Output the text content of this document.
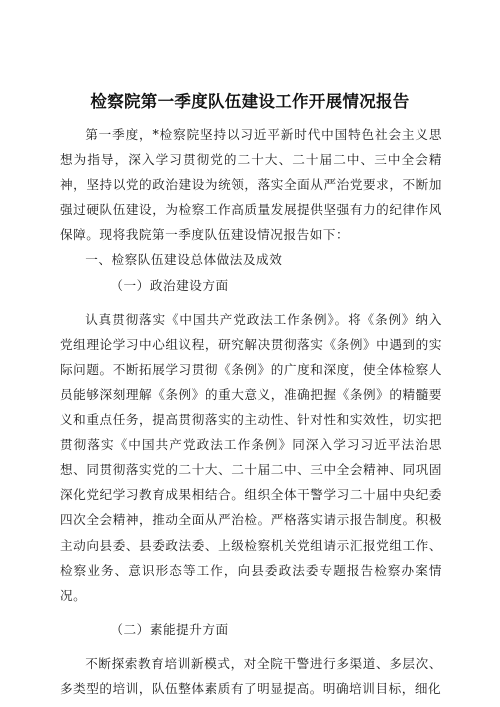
检察院第一季度队伍建设工作开展情况报告

第一季度，*检察院坚持以习近平新时代中国特色社会主义思想为指导，深入学习贯彻党的二十大、二十届二中、三中全会精神，坚持以党的政治建设为统领，落实全面从严治党要求，不断加强过硬队伍建设，为检察工作高质量发展提供坚强有力的纪律作风保障。现将我院第一季度队伍建设情况报告如下：

一、检察队伍建设总体做法及成效

（一）政治建设方面

认真贯彻落实《中国共产党政法工作条例》。将《条例》纳入党组理论学习中心组议程，研究解决贯彻落实《条例》中遇到的实际问题。不断拓展学习贯彻《条例》的广度和深度，使全体检察人员能够深刻理解《条例》的重大意义，准确把握《条例》的精髓要义和重点任务，提高贯彻落实的主动性、针对性和实效性，切实把贯彻落实《中国共产党政法工作条例》同深入学习习近平法治思想、同贯彻落实党的二十大、二十届二中、三中全会精神、同巩固深化党纪学习教育成果相结合。组织全体干警学习二十届中央纪委四次全会精神，推动全面从严治检。严格落实请示报告制度。积极主动向县委、县委政法委、上级检察机关党组请示汇报党组工作、检察业务、意识形态等工作，向县委政法委专题报告检察办案情况。

（二）素能提升方面

不断探索教育培训新模式，对全院干警进行多渠道、多层次、多类型的培训，队伍整体素质有了明显提高。明确培训目标，细化
